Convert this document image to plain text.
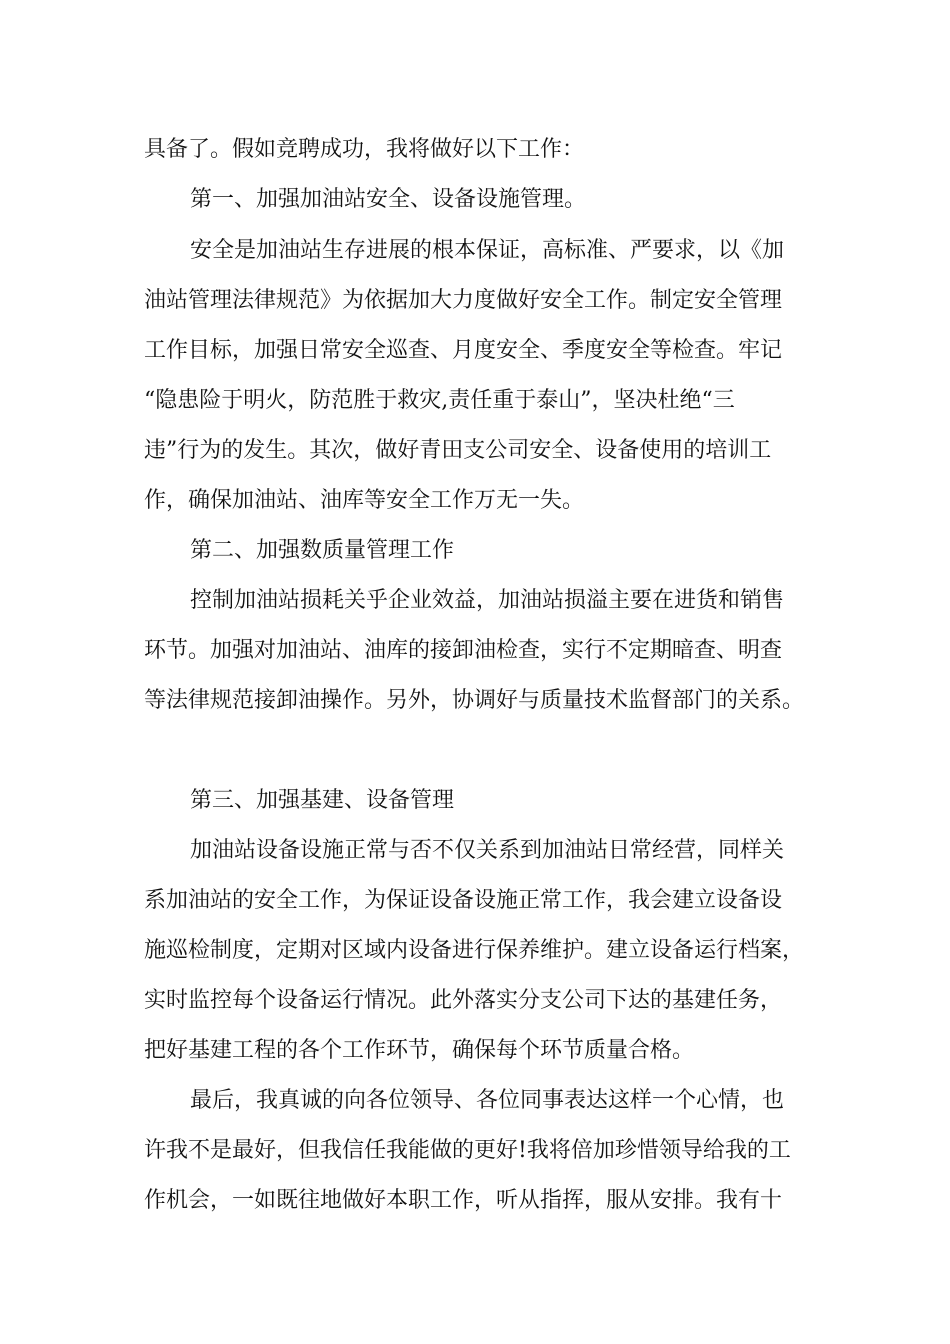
具备了。假如竞聘成功，我将做好以下工作：
第一、加强加油站安全、设备设施管理。
安全是加油站生存进展的根本保证，高标准、严要求，以《加
油站管理法律规范》为依据加大力度做好安全工作。制定安全管理
工作目标，加强日常安全巡查、月度安全、季度安全等检查。牢记
“隐患险于明火，防范胜于救灾,责任重于泰山”，坚决杜绝“三
违”行为的发生。其次，做好青田支公司安全、设备使用的培训工
作，确保加油站、油库等安全工作万无一失。
第二、加强数质量管理工作
控制加油站损耗关乎企业效益，加油站损溢主要在进货和销售
环节。加强对加油站、油库的接卸油检查，实行不定期暗查、明查
等法律规范接卸油操作。另外，协调好与质量技术监督部门的关系。
第三、加强基建、设备管理
加油站设备设施正常与否不仅关系到加油站日常经营，同样关
系加油站的安全工作，为保证设备设施正常工作，我会建立设备设
施巡检制度，定期对区域内设备进行保养维护。建立设备运行档案，
实时监控每个设备运行情况。此外落实分支公司下达的基建任务，
把好基建工程的各个工作环节，确保每个环节质量合格。
最后，我真诚的向各位领导、各位同事表达这样一个心情，也
许我不是最好，但我信任我能做的更好!我将倍加珍惜领导给我的工
作机会，一如既往地做好本职工作，听从指挥，服从安排。我有十
